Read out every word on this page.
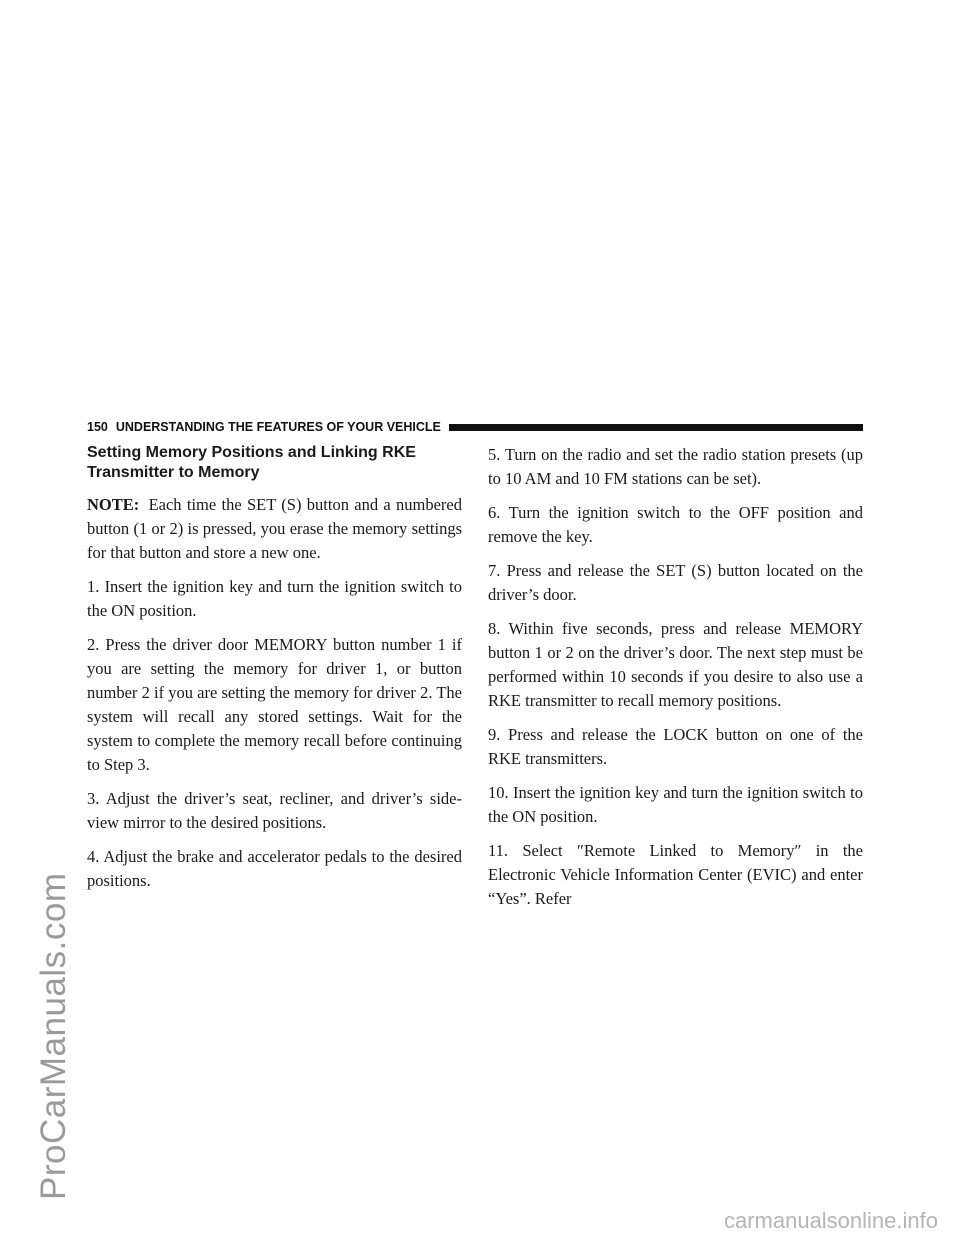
ProCarManuals.com
150 UNDERSTANDING THE FEATURES OF YOUR VEHICLE
Setting Memory Positions and Linking RKE
Transmitter to Memory

NOTE: Each time the SET (S) button and a numbered button (1 or 2) is pressed, you erase the memory settings for that button and store a new one.

1. Insert the ignition key and turn the ignition switch to the ON position.

2. Press the driver door MEMORY button number 1 if you are setting the memory for driver 1, or button number 2 if you are setting the memory for driver 2. The system will recall any stored settings. Wait for the system to complete the memory recall before continuing to Step 3.

3. Adjust the driver’s seat, recliner, and driver’s side-view mirror to the desired positions.

4. Adjust the brake and accelerator pedals to the desired positions.

5. Turn on the radio and set the radio station presets (up to 10 AM and 10 FM stations can be set).

6. Turn the ignition switch to the OFF position and remove the key.

7. Press and release the SET (S) button located on the driver’s door.

8. Within five seconds, press and release MEMORY button 1 or 2 on the driver’s door. The next step must be performed within 10 seconds if you desire to also use a RKE transmitter to recall memory positions.

9. Press and release the LOCK button on one of the RKE transmitters.

10. Insert the ignition key and turn the ignition switch to the ON position.

11. Select ″Remote Linked to Memory″ in the Electronic Vehicle Information Center (EVIC) and enter “Yes”. Refer

carmanualsonline.info
